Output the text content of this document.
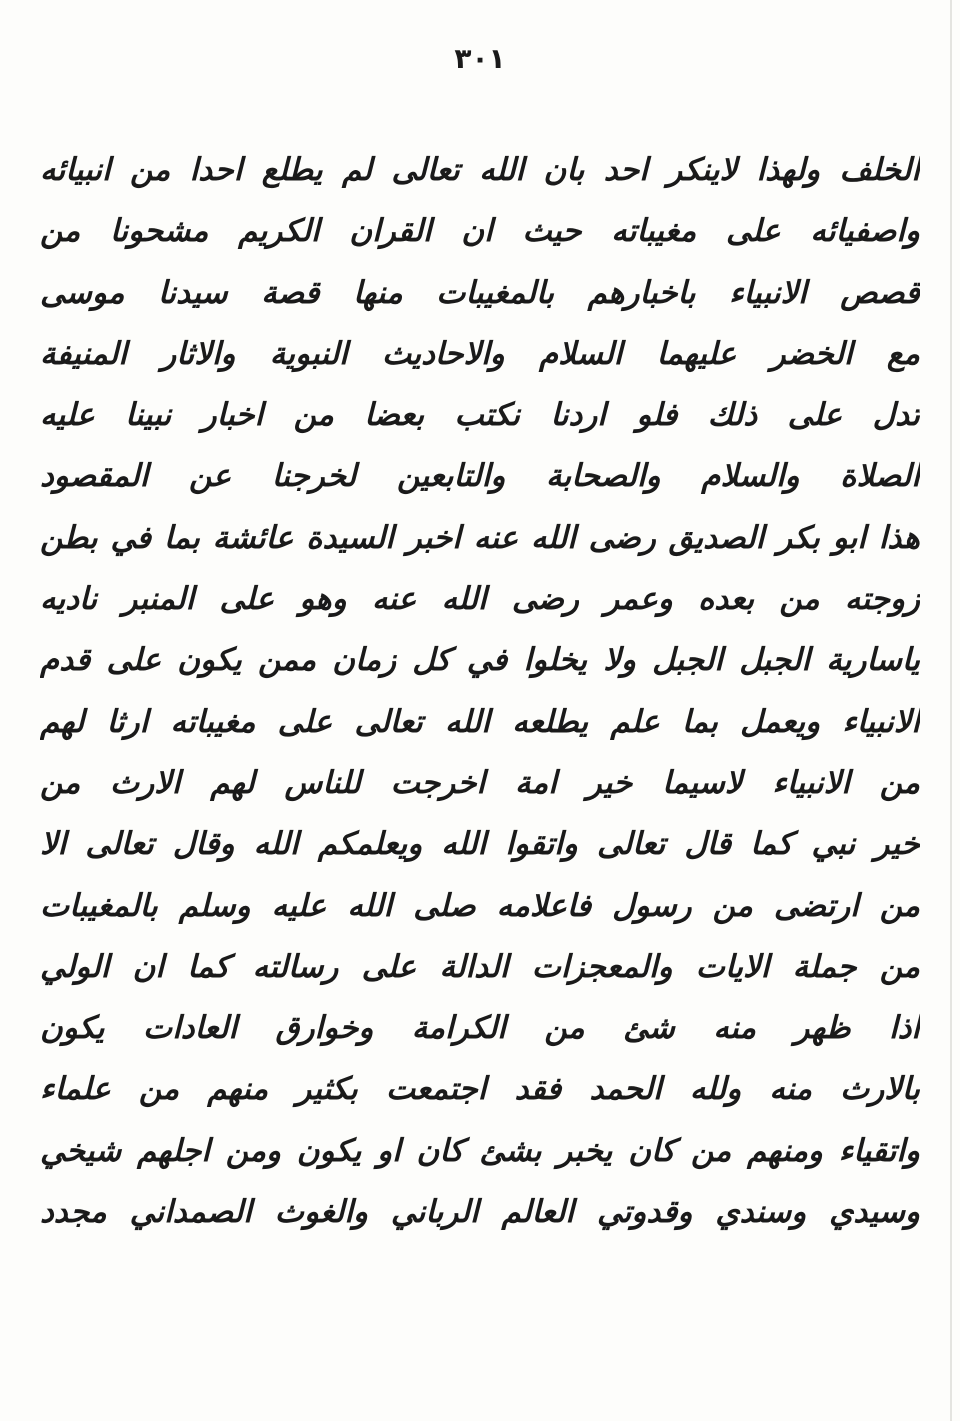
٣٠١
الخلف ولهذا لاينكر احد بان الله تعالى لم يطلع احدا من انبيائه
واصفيائه على مغيباته حيث ان القران الكريم مشحونا من
قصص الانبياء باخبارهم بالمغيبات منها قصة سيدنا موسى
مع الخضر عليهما السلام والاحاديث النبوية والاثار المنيفة
تدل على ذلك فلو اردنا نكتب بعضا من اخبار نبينا عليه
الصلاة والسلام والصحابة والتابعين لخرجنا عن المقصود
هذا ابو بكر الصديق رضى الله عنه اخبر السيدة عائشة بما في بطن
زوجته من بعده وعمر رضى الله عنه وهو على المنبر ناديه
ياسارية الجبل الجبل ولا يخلوا في كل زمان ممن يكون على قدم
الانبياء ويعمل بما علم يطلعه الله تعالى على مغيباته ارثا لهم
من الانبياء لاسيما خير امة اخرجت للناس لهم الارث من
خير نبي كما قال تعالى واتقوا الله ويعلمكم الله وقال تعالى الا
من ارتضى من رسول فاعلامه صلى الله عليه وسلم بالمغيبات
من جملة الايات والمعجزات الدالة على رسالته كما ان الولي
اذا ظهر منه شئ من الكرامة وخوارق العادات يكون
بالارث منه ولله الحمد فقد اجتمعت بكثير منهم من علماء
واتقياء ومنهم من كان يخبر بشئ كان او يكون ومن اجلهم شيخي
وسيدي وسندي وقدوتي العالم الرباني والغوث الصمداني مجدد
